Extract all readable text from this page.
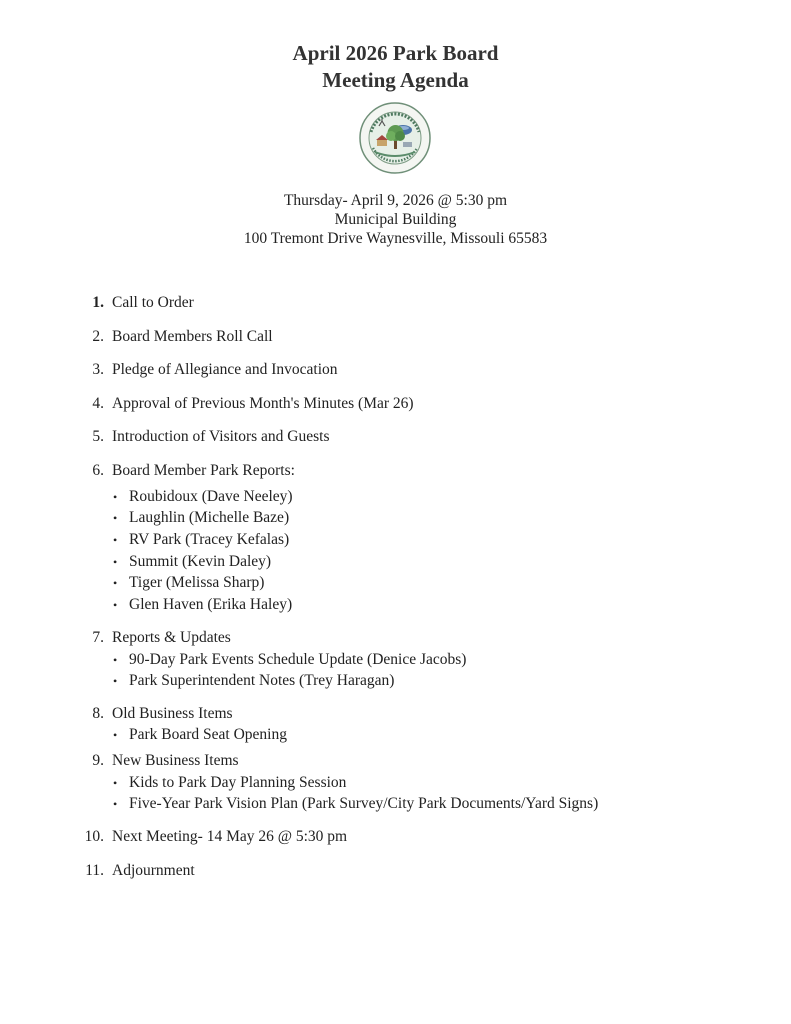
April 2026 Park Board
Meeting Agenda
Thursday- April 9, 2026 @ 5:30 pm
Municipal Building
100 Tremont Drive Waynesville, Missouli 65583
1. Call to Order
2. Board Members Roll Call
3. Pledge of Allegiance and Invocation
4. Approval of Previous Month's Minutes (Mar 26)
5. Introduction of Visitors and Guests
6. Board Member Park Reports:
• Roubidoux (Dave Neeley)
• Laughlin (Michelle Baze)
• RV Park (Tracey Kefalas)
• Summit (Kevin Daley)
• Tiger (Melissa Sharp)
• Glen Haven (Erika Haley)
7. Reports & Updates
• 90-Day Park Events Schedule Update (Denice Jacobs)
• Park Superintendent Notes (Trey Haragan)
8. Old Business Items
• Park Board Seat Opening
9. New Business Items
• Kids to Park Day Planning Session
• Five-Year Park Vision Plan (Park Survey/City Park Documents/Yard Signs)
10. Next Meeting- 14 May 26 @ 5:30 pm
11. Adjournment
